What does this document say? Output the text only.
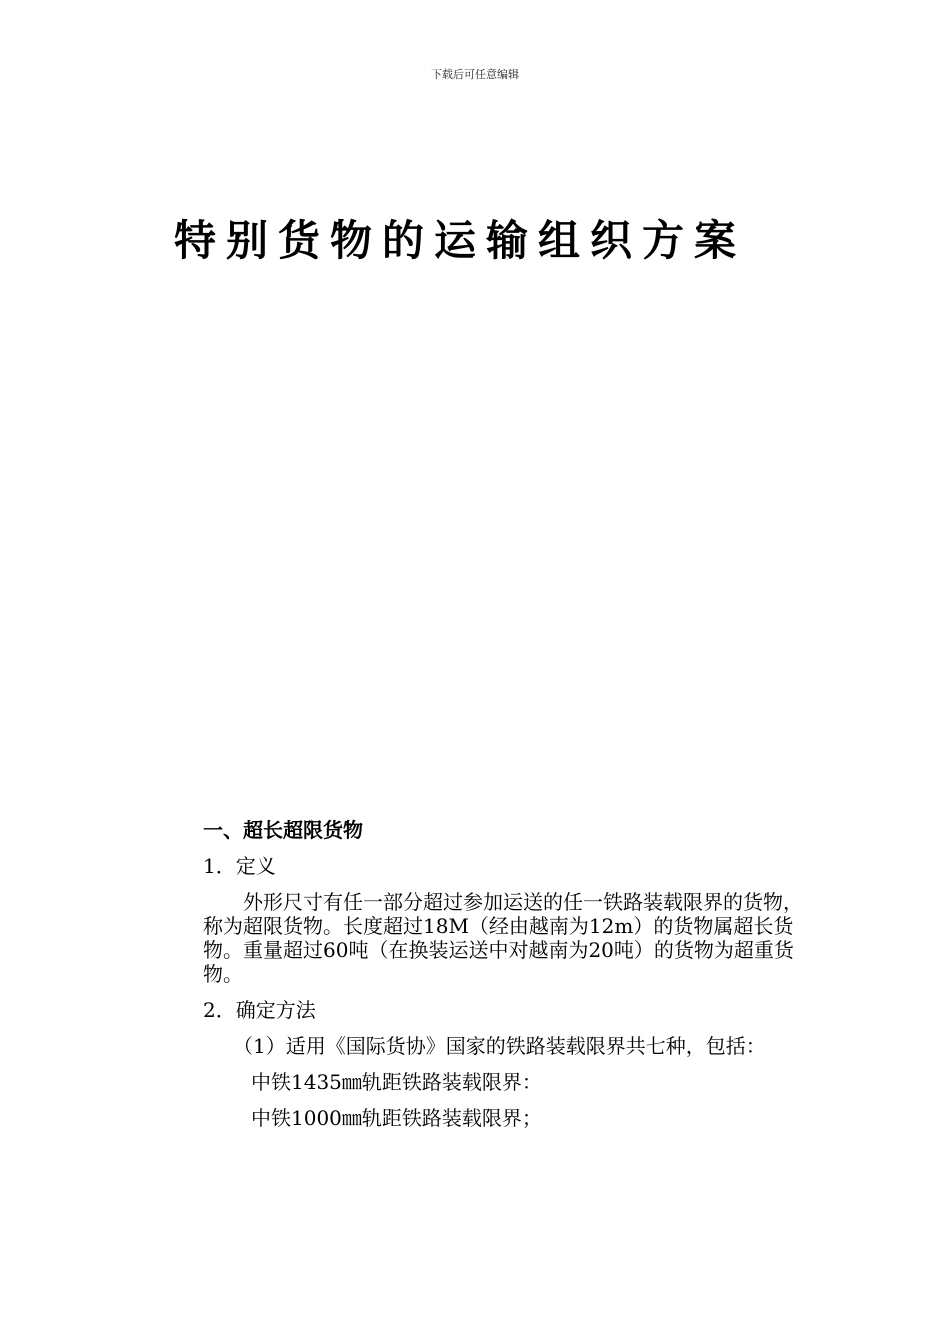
下载后可任意编辑
特别货物的运输组织方案
一、超长超限货物
1．定义
外形尺寸有任一部分超过参加运送的任一铁路装载限界的货物，称为超限货物。长度超过18M（经由越南为12m）的货物属超长货物。重量超过60吨（在换装运送中对越南为20吨）的货物为超重货物。
2．确定方法
（1）适用《国际货协》国家的铁路装载限界共七种，包括：
中铁1435㎜轨距铁路装载限界：
中铁1000㎜轨距铁路装载限界；
